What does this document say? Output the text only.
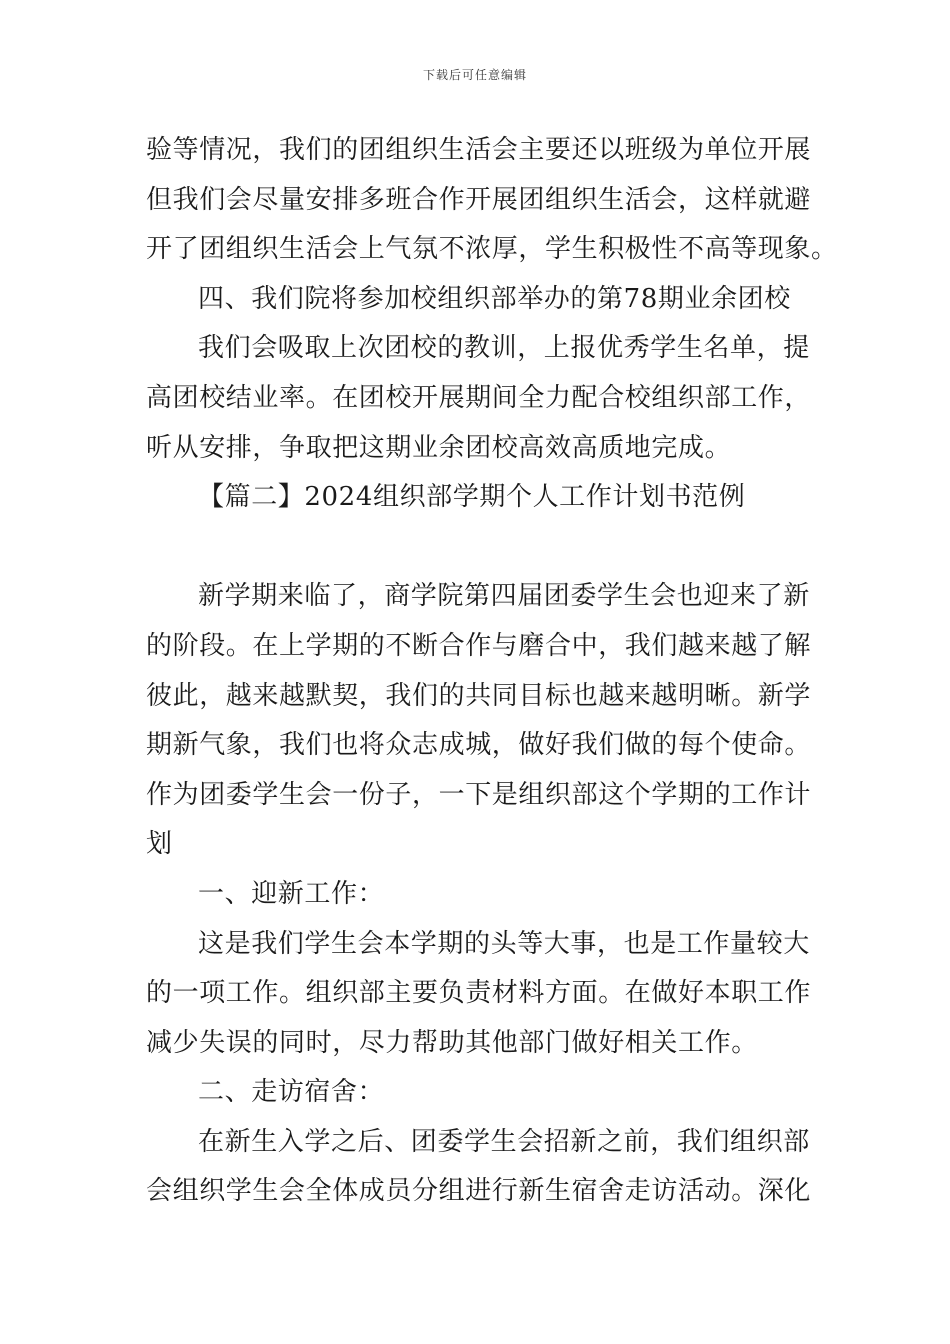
下载后可任意编辑
验等情况，我们的团组织生活会主要还以班级为单位开展
但我们会尽量安排多班合作开展团组织生活会，这样就避
开了团组织生活会上气氛不浓厚，学生积极性不高等现象。
四、我们院将参加校组织部举办的第78期业余团校
我们会吸取上次团校的教训，上报优秀学生名单，提
高团校结业率。在团校开展期间全力配合校组织部工作，
听从安排，争取把这期业余团校高效高质地完成。
【篇二】2024组织部学期个人工作计划书范例
新学期来临了，商学院第四届团委学生会也迎来了新
的阶段。在上学期的不断合作与磨合中，我们越来越了解
彼此，越来越默契，我们的共同目标也越来越明晰。新学
期新气象，我们也将众志成城，做好我们做的每个使命。
作为团委学生会一份子，一下是组织部这个学期的工作计
划
一、迎新工作：
这是我们学生会本学期的头等大事，也是工作量较大
的一项工作。组织部主要负责材料方面。在做好本职工作
减少失误的同时，尽力帮助其他部门做好相关工作。
二、走访宿舍：
在新生入学之后、团委学生会招新之前，我们组织部
会组织学生会全体成员分组进行新生宿舍走访活动。深化
